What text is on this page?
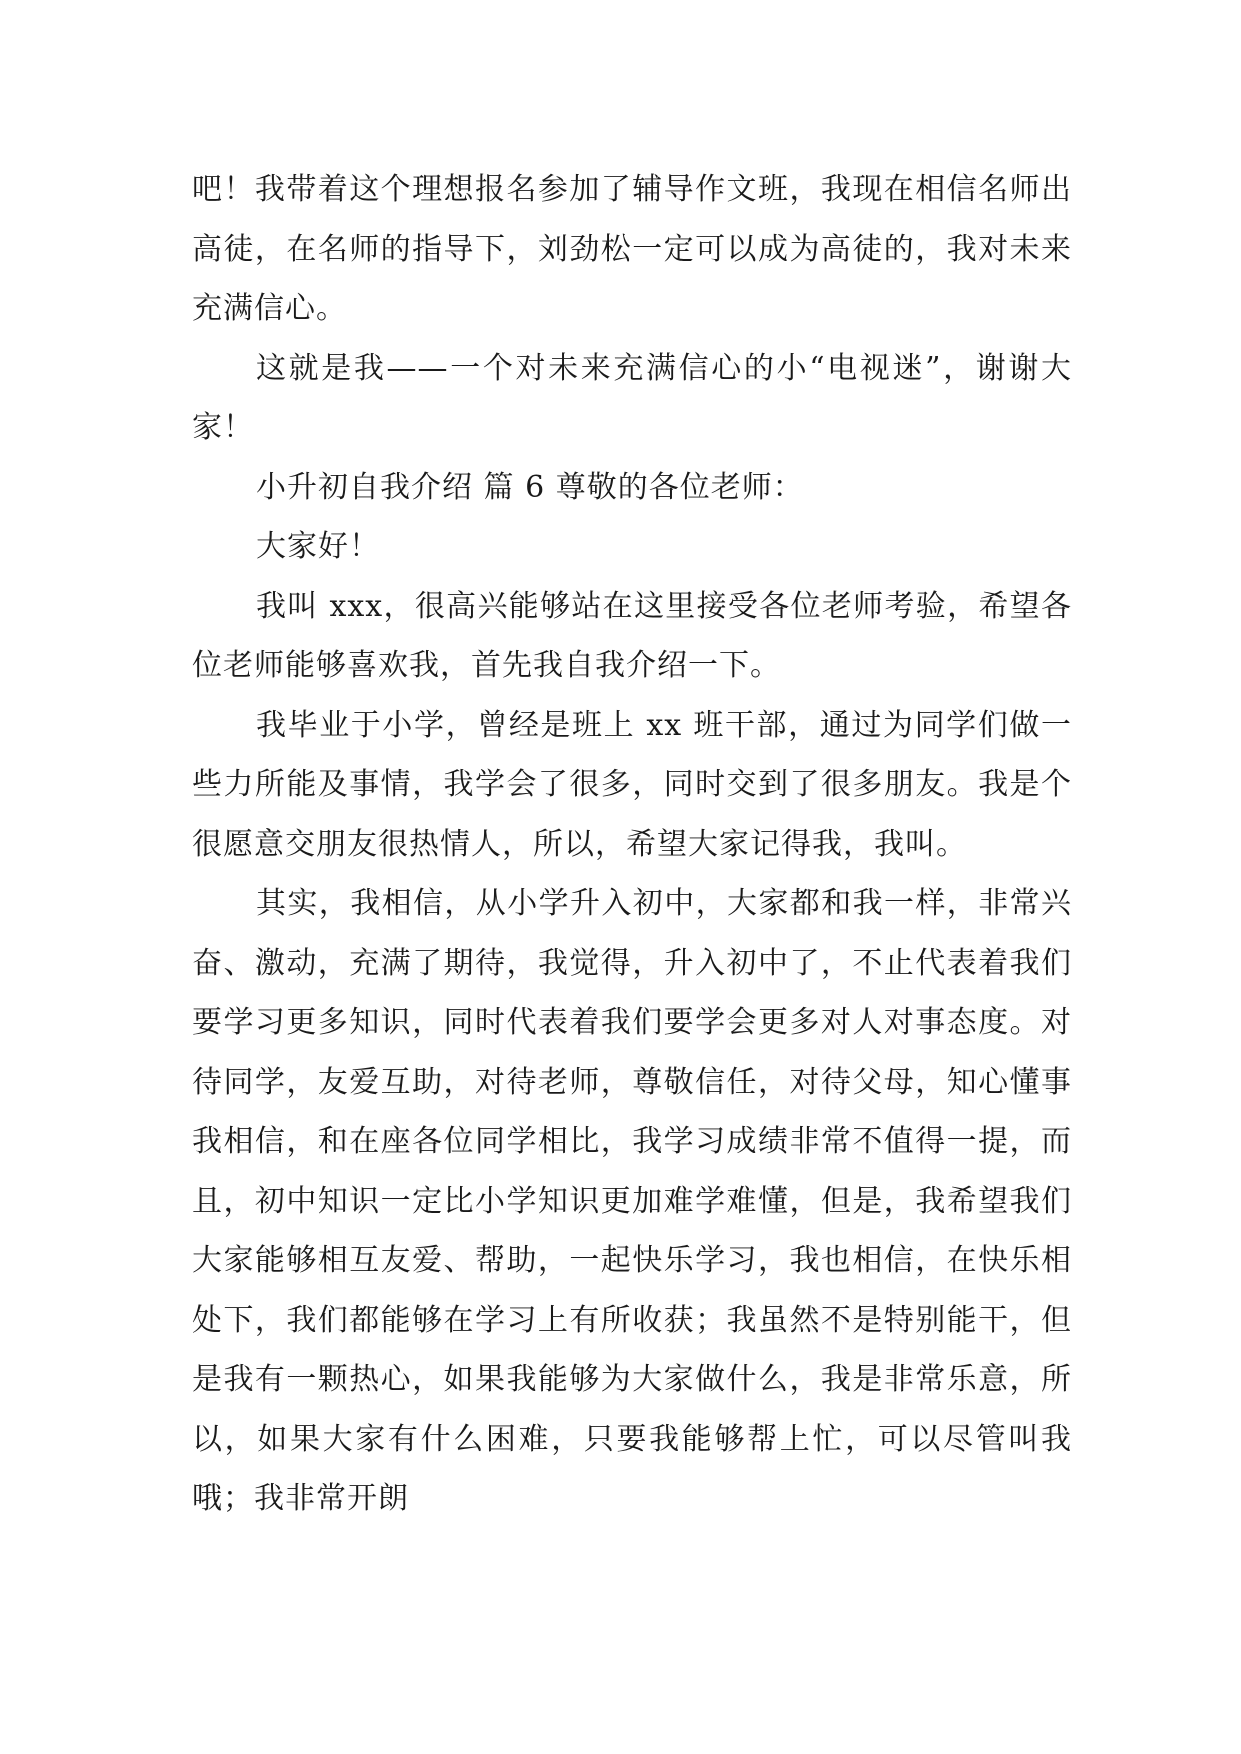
吧！我带着这个理想报名参加了辅导作文班，我现在相信名师出高徒，在名师的指导下，刘劲松一定可以成为高徒的，我对未来充满信心。

这就是我——一个对未来充满信心的小“电视迷”，谢谢大家！

小升初自我介绍 篇 6 尊敬的各位老师：

大家好！

我叫 xxx，很高兴能够站在这里接受各位老师考验，希望各位老师能够喜欢我，首先我自我介绍一下。

我毕业于小学，曾经是班上 xx 班干部，通过为同学们做一些力所能及事情，我学会了很多，同时交到了很多朋友。我是个很愿意交朋友很热情人，所以，希望大家记得我，我叫。

其实，我相信，从小学升入初中，大家都和我一样，非常兴奋、激动，充满了期待，我觉得，升入初中了，不止代表着我们要学习更多知识，同时代表着我们要学会更多对人对事态度。对待同学，友爱互助，对待老师，尊敬信任，对待父母，知心懂事我相信，和在座各位同学相比，我学习成绩非常不值得一提，而且，初中知识一定比小学知识更加难学难懂，但是，我希望我们大家能够相互友爱、帮助，一起快乐学习，我也相信，在快乐相处下，我们都能够在学习上有所收获；我虽然不是特别能干，但是我有一颗热心，如果我能够为大家做什么，我是非常乐意，所以，如果大家有什么困难，只要我能够帮上忙，可以尽管叫我哦；我非常开朗
